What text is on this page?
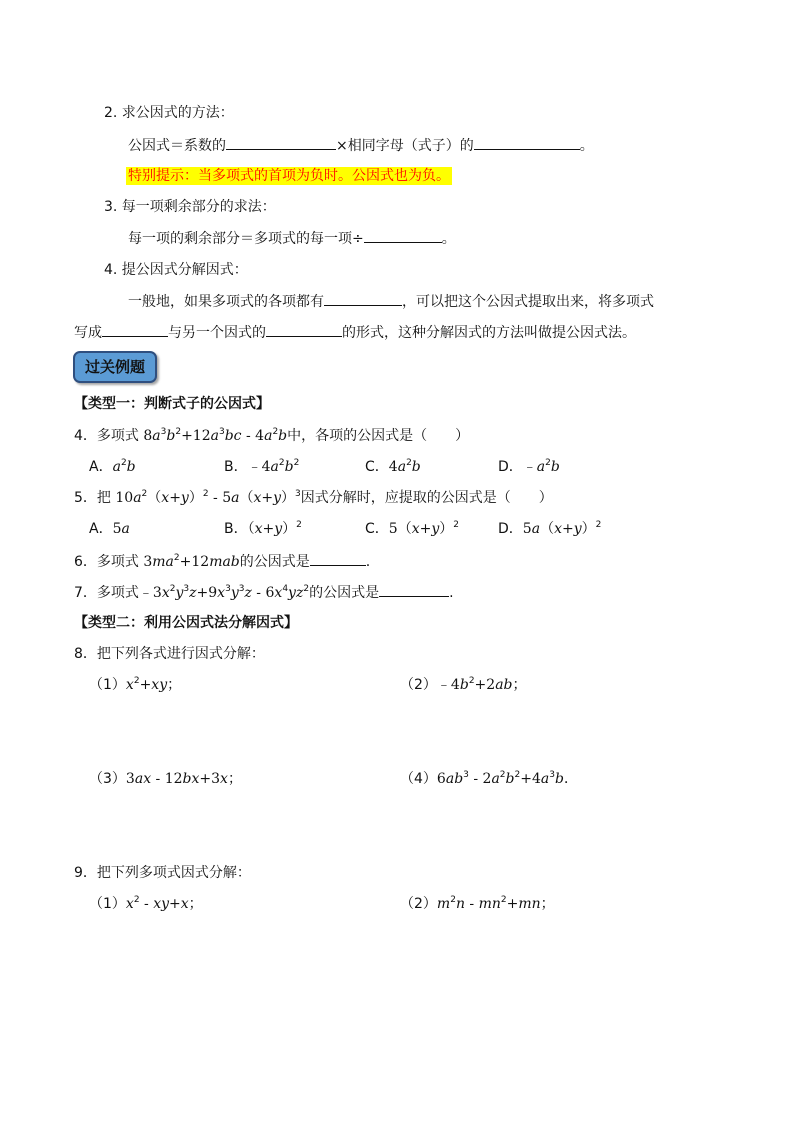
2. 求公因式的方法：
公因式＝系数的	×相同字母（式子）的	。
特别提示：当多项式的首项为负时。公因式也为负。
3. 每一项剩余部分的求法：
每一项的剩余部分＝多项式的每一项÷	。
4. 提公因式分解因式：
一般地，如果多项式的各项都有	，可以把这个公因式提取出来，将多项式
写成	与另一个因式的	的形式，这种分解因式的方法叫做提公因式法。
过关例题
【类型一：判断式子的公因式】
4．多项式 $8a^3b^2+12a^3bc - 4a^2b$中，各项的公因式是（　　）
A．$a^2b$	B．$﹣4a^2b^2$	C．$4a^2b$	D．$﹣a^2b$
5．把 $10a^2(x+y)^2 - 5a(x+y)^3$因式分解时，应提取的公因式是（　　）
A．5a	B．$(x+y)^2$	C．$5(x+y)^2$	D．$5a(x+y)^2$
6．多项式 $3ma^2+12mab$的公因式是	.
7．多项式$﹣3x^2y^3z+9x^3y^3z - 6x^4yz^2$的公因式是	.
【类型二：利用公因式法分解因式】
8．把下列各式进行因式分解：
$(1)x^2+xy$；	$(2)﹣4b^2+2ab$；
（3）3ax - 12bx+3x；	$(4)6ab^3 - 2a^2b^2+4a^3b$．
9．把下列多项式因式分解：
$(1)x^2 - xy+x$；	$(2)m^2n - mn^2+mn$；
